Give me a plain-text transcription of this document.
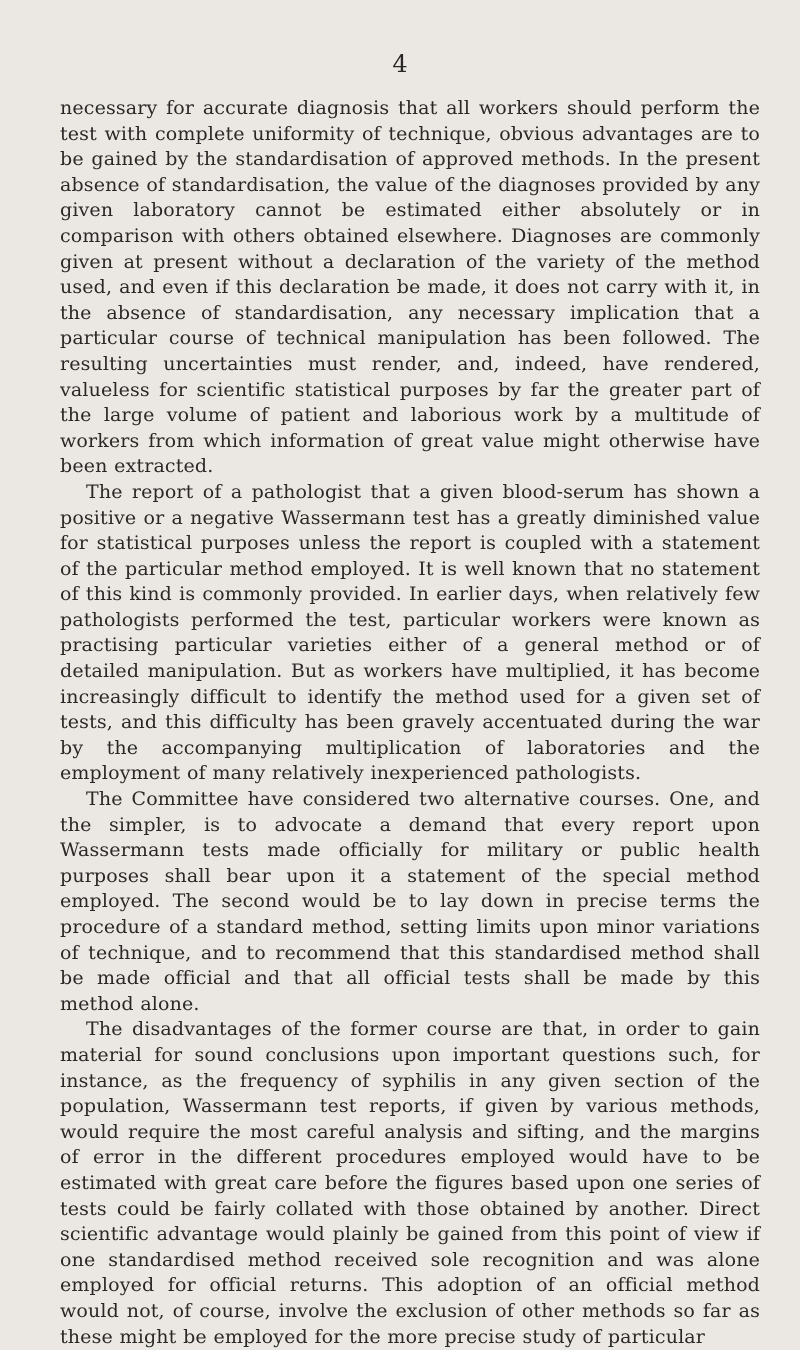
4

necessary for accurate diagnosis that all workers should perform the test with complete uniformity of technique, obvious advantages are to be gained by the standardisation of approved methods. In the present absence of standardisation, the value of the diagnoses provided by any given laboratory cannot be estimated either absolutely or in comparison with others obtained elsewhere. Diagnoses are commonly given at present without a declaration of the variety of the method used, and even if this declaration be made, it does not carry with it, in the absence of standardisation, any necessary implication that a particular course of technical manipulation has been followed. The resulting uncertainties must render, and, indeed, have rendered, valueless for scientific statistical purposes by far the greater part of the large volume of patient and laborious work by a multitude of workers from which information of great value might otherwise have been extracted.

The report of a pathologist that a given blood-serum has shown a positive or a negative Wassermann test has a greatly diminished value for statistical purposes unless the report is coupled with a statement of the particular method employed. It is well known that no statement of this kind is commonly provided. In earlier days, when relatively few pathologists performed the test, particular workers were known as practising particular varieties either of a general method or of detailed manipulation. But as workers have multiplied, it has become increasingly difficult to identify the method used for a given set of tests, and this difficulty has been gravely accentuated during the war by the accompanying multiplication of laboratories and the employment of many relatively inexperienced pathologists.

The Committee have considered two alternative courses. One, and the simpler, is to advocate a demand that every report upon Wassermann tests made officially for military or public health purposes shall bear upon it a statement of the special method employed. The second would be to lay down in precise terms the procedure of a standard method, setting limits upon minor variations of technique, and to recommend that this standardised method shall be made official and that all official tests shall be made by this method alone.

The disadvantages of the former course are that, in order to gain material for sound conclusions upon important questions such, for instance, as the frequency of syphilis in any given section of the population, Wassermann test reports, if given by various methods, would require the most careful analysis and sifting, and the margins of error in the different procedures employed would have to be estimated with great care before the figures based upon one series of tests could be fairly collated with those obtained by another. Direct scientific advantage would plainly be gained from this point of view if one standardised method received sole recognition and was alone employed for official returns. This adoption of an official method would not, of course, involve the exclusion of other methods so far as these might be employed for the more precise study of particular
